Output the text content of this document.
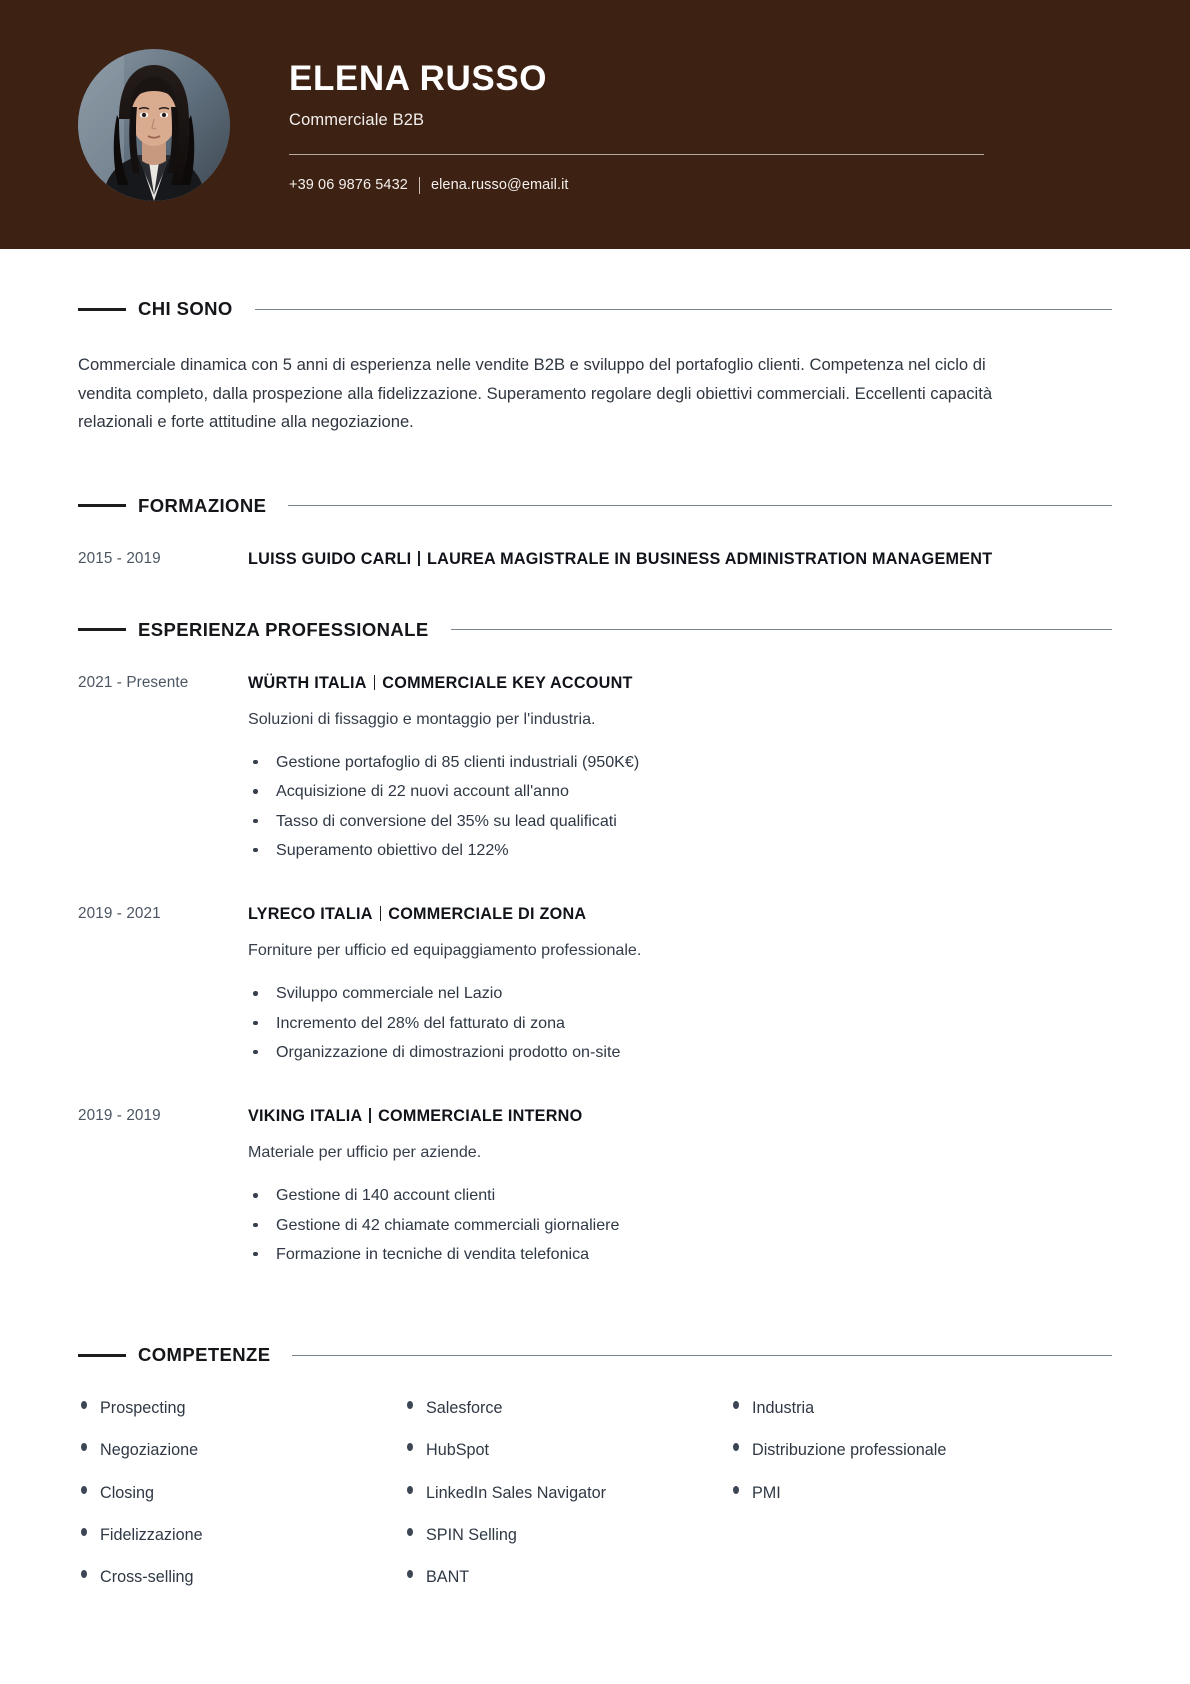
ELENA RUSSO
Commerciale B2B
+39 06 9876 5432 elena.russo@email.it
CHI SONO

Commerciale dinamica con 5 anni di esperienza nelle vendite B2B e sviluppo del portafoglio clienti. Competenza nel ciclo di vendita completo, dalla prospezione alla fidelizzazione. Superamento regolare degli obiettivi commerciali. Eccellenti capacità relazionali e forte attitudine alla negoziazione.

FORMAZIONE
2015 - 2019	LUISS GUIDO CARLI LAUREA MAGISTRALE IN BUSINESS ADMINISTRATION MANAGEMENT
ESPERIENZA PROFESSIONALE
2021 - Presente	WÜRTH ITALIA COMMERCIALE KEY ACCOUNT
Soluzioni di fissaggio e montaggio per l'industria.
Gestione portafoglio di 85 clienti industriali (950K€)
Acquisizione di 22 nuovi account all'anno
Tasso di conversione del 35% su lead qualificati
Superamento obiettivo del 122%
2019 - 2021	LYRECO ITALIA COMMERCIALE DI ZONA
Forniture per ufficio ed equipaggiamento professionale.
Sviluppo commerciale nel Lazio
Incremento del 28% del fatturato di zona
Organizzazione di dimostrazioni prodotto on-site
2019 - 2019	VIKING ITALIA COMMERCIALE INTERNO
Materiale per ufficio per aziende.
Gestione di 140 account clienti
Gestione di 42 chiamate commerciali giornaliere
Formazione in tecniche di vendita telefonica
COMPETENZE
Prospecting
Negoziazione
Closing
Fidelizzazione
Cross-selling
Salesforce
HubSpot
LinkedIn Sales Navigator
SPIN Selling
BANT
Industria
Distribuzione professionale
PMI
